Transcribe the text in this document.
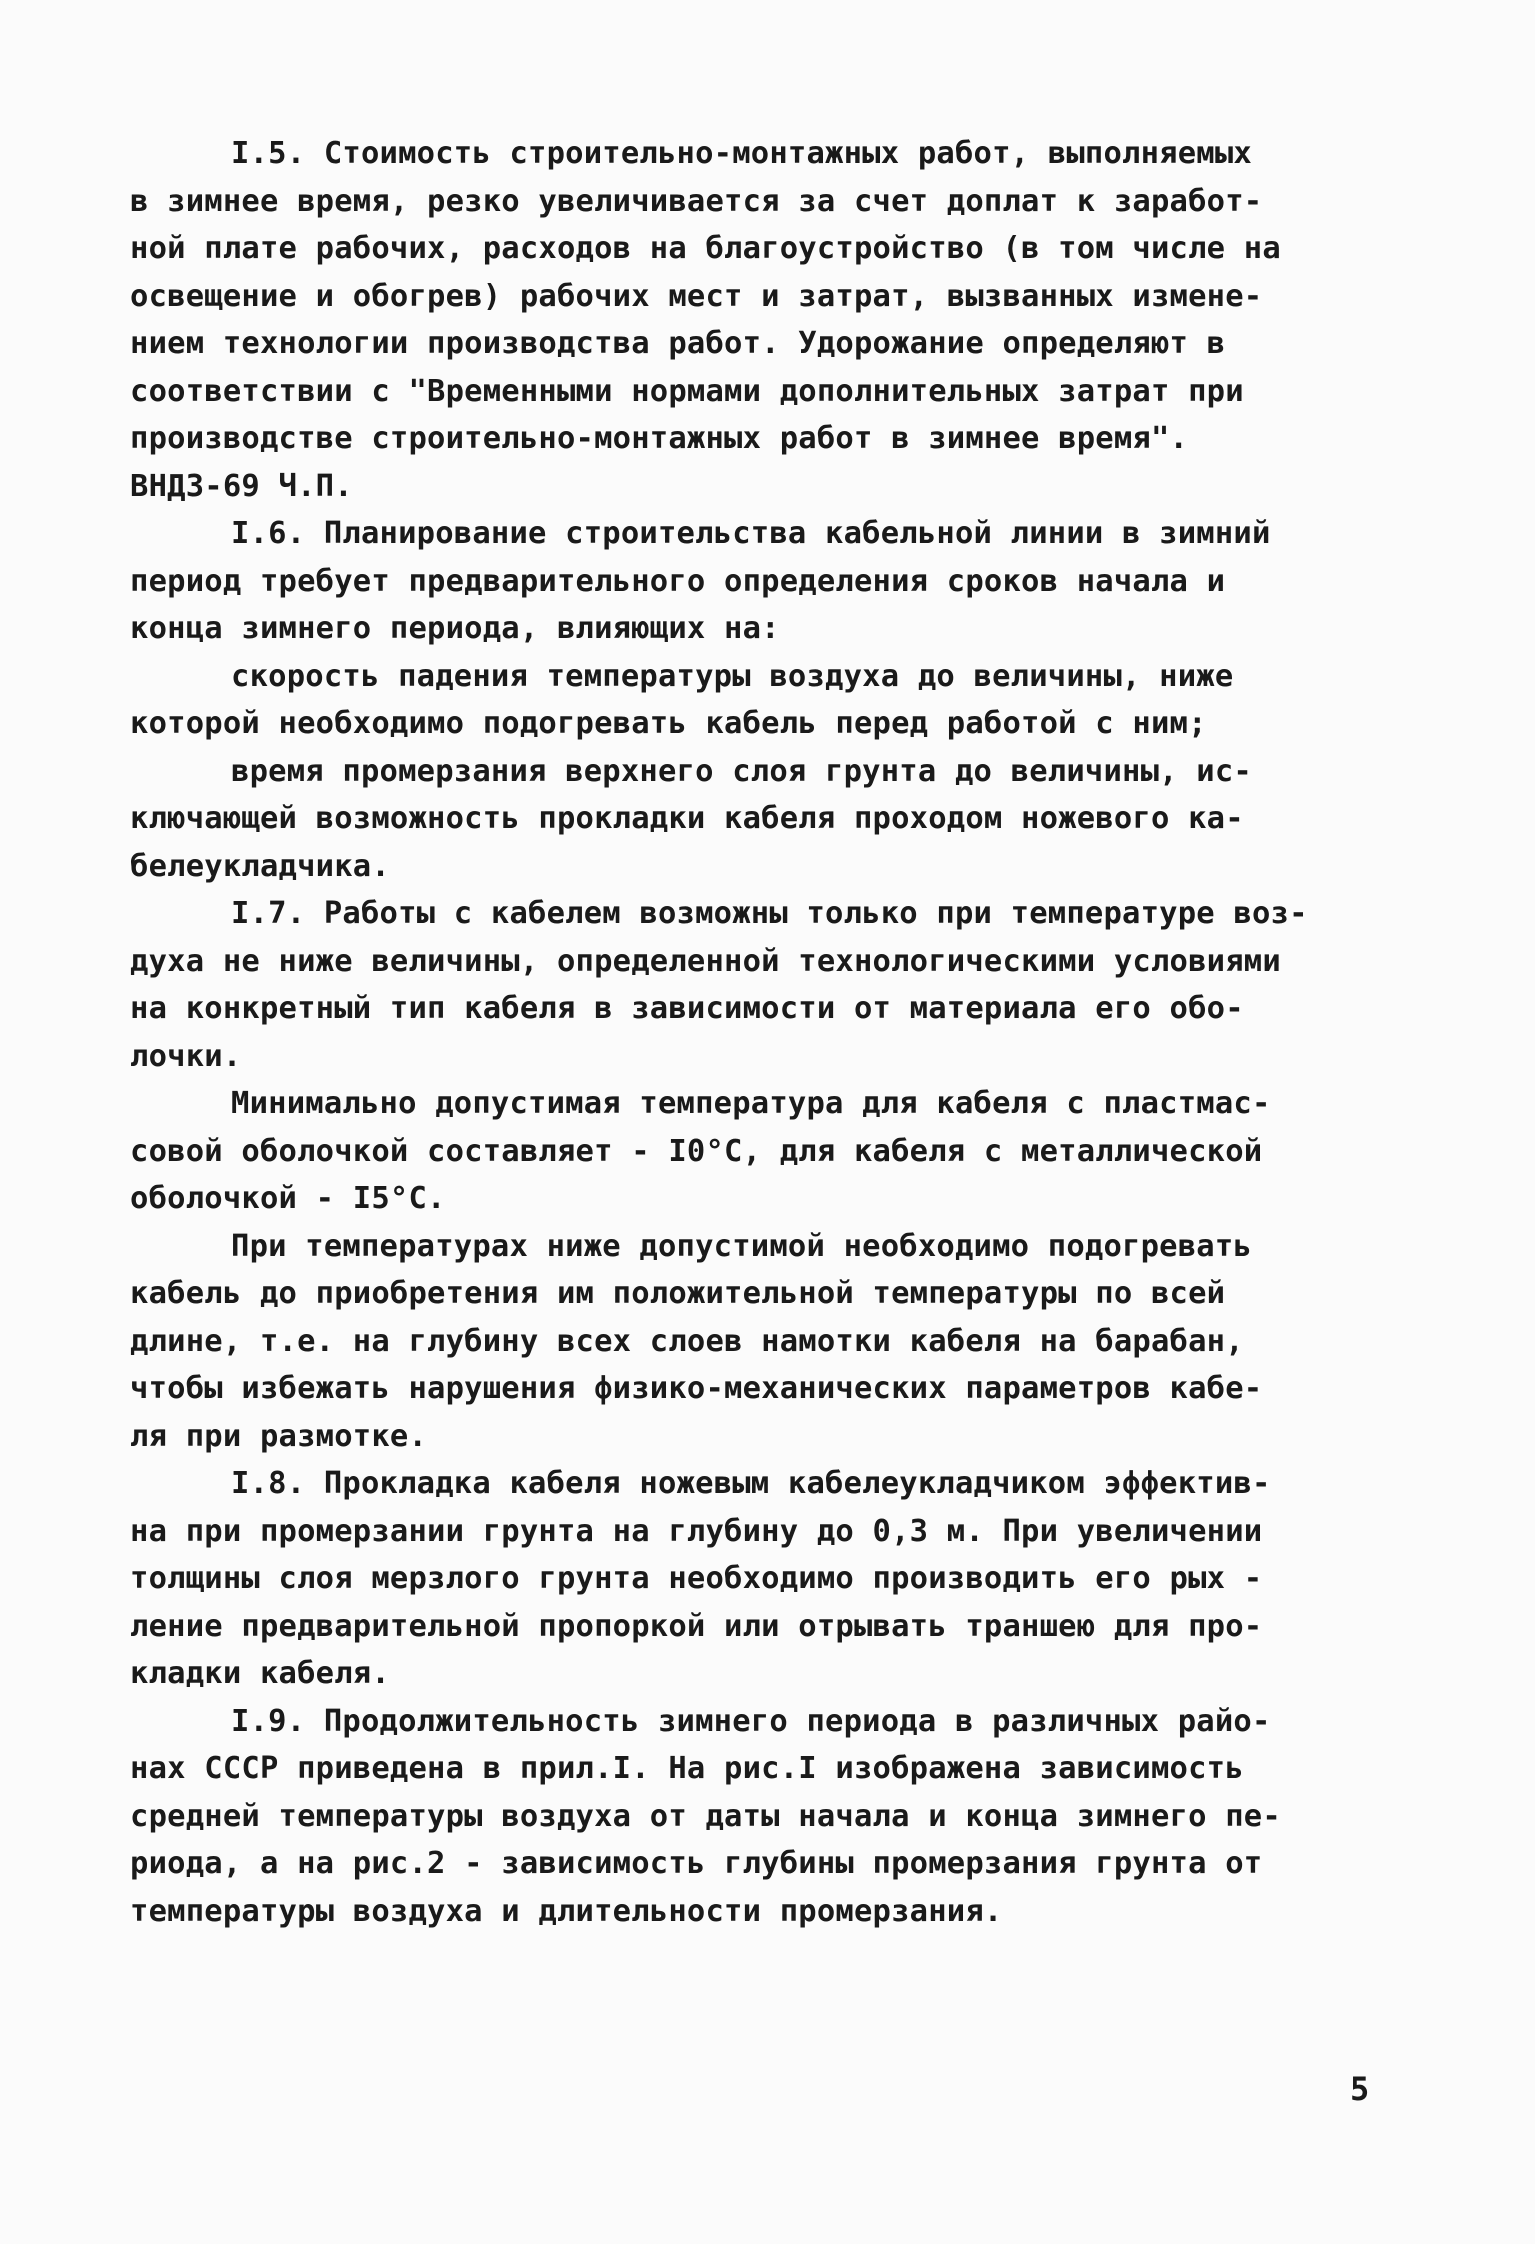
I.5. Стоимость строительно-монтажных работ, выполняемых
в зимнее время, резко увеличивается за счет доплат к заработ-
ной плате рабочих, расходов на благоустройство (в том числе на
освещение и обогрев) рабочих мест и затрат, вызванных измене-
нием технологии производства работ. Удорожание определяют в
соответствии с "Временными нормами дополнительных затрат при
производстве строительно-монтажных работ в зимнее время".
ВНДЗ-69 Ч.П.
I.6. Планирование строительства кабельной линии в зимний
период требует предварительного определения сроков начала и
конца зимнего периода, влияющих на:
скорость падения температуры воздуха до величины, ниже
которой необходимо подогревать кабель перед работой с ним;
время промерзания верхнего слоя грунта до величины, ис-
ключающей возможность прокладки кабеля проходом ножевого ка-
белеукладчика.
I.7. Работы с кабелем возможны только при температуре воз-
духа не ниже величины, определенной технологическими условиями
на конкретный тип кабеля в зависимости от материала его обо-
лочки.
Минимально допустимая температура для кабеля с пластмас-
совой оболочкой составляет - I0°C, для кабеля с металлической
оболочкой - I5°C.
При температурах ниже допустимой необходимо подогревать
кабель до приобретения им положительной температуры по всей
длине, т.е. на глубину всех слоев намотки кабеля на барабан,
чтобы избежать нарушения физико-механических параметров кабе-
ля при размотке.
I.8. Прокладка кабеля ножевым кабелеукладчиком эффектив-
на при промерзании грунта на глубину до 0,3 м. При увеличении
толщины слоя мерзлого грунта необходимо производить его рых -
ление предварительной пропоркой или отрывать траншею для про-
кладки кабеля.
I.9. Продолжительность зимнего периода в различных райо-
нах СССР приведена в прил.I. На рис.I изображена зависимость
средней температуры воздуха от даты начала и конца зимнего пе-
риода, а на рис.2 - зависимость глубины промерзания грунта от
температуры воздуха и длительности промерзания.
5
